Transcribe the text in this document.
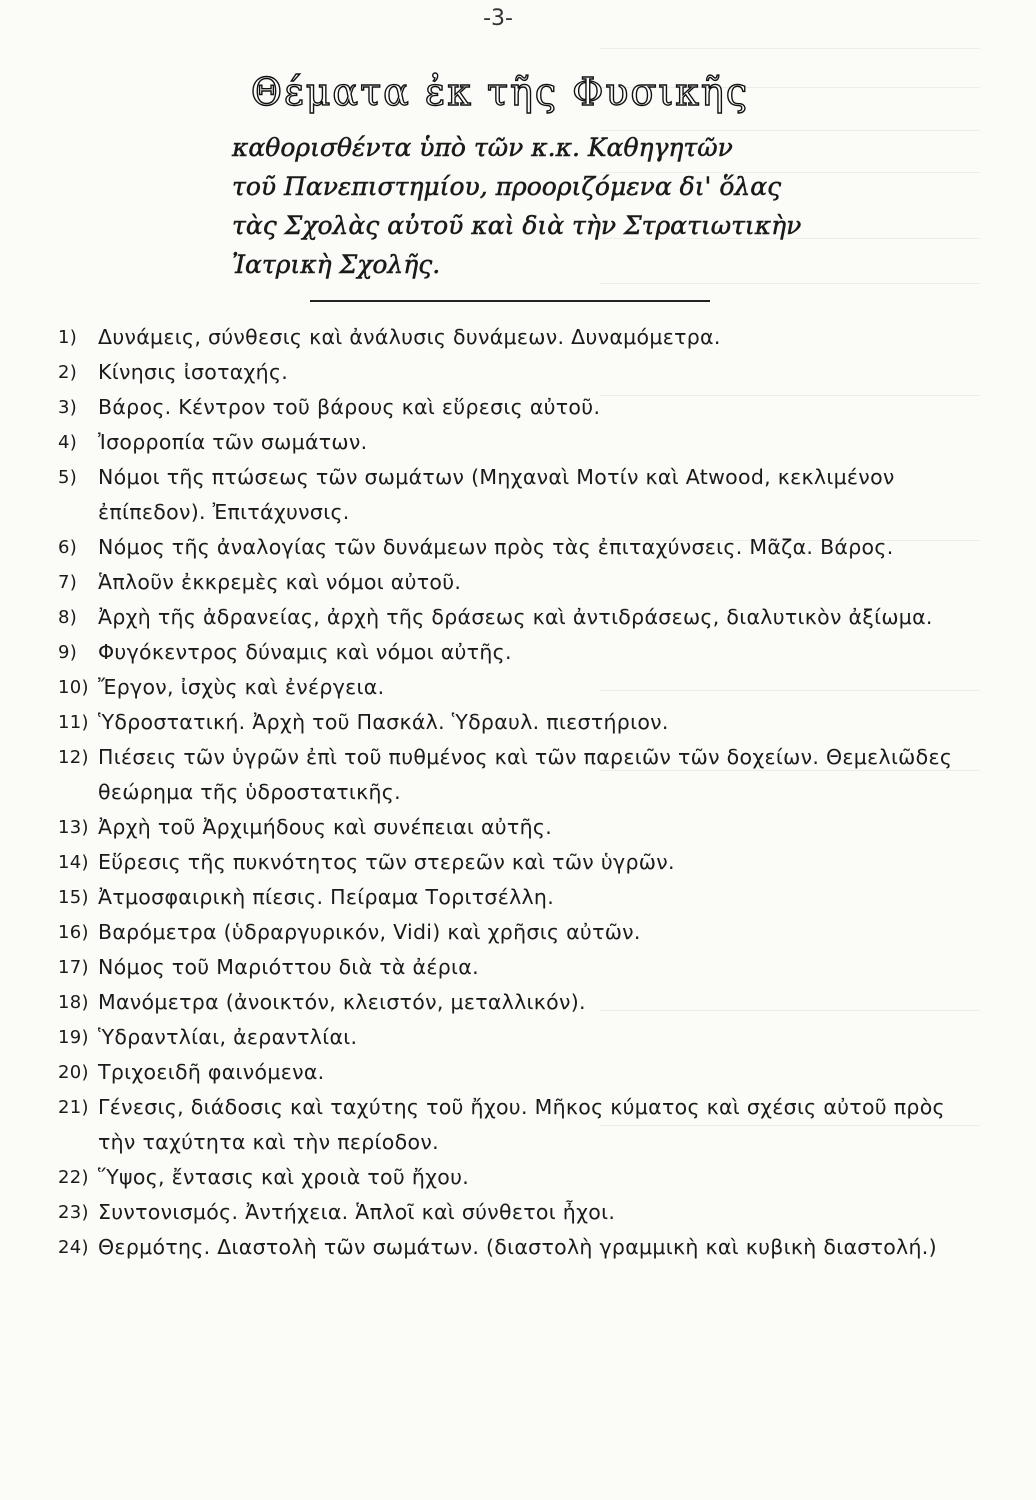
-3-
Θέματα ἐκ τῆς Φυσικῆς
καθορισθέντα ὑπὸ τῶν κ.κ. Καθηγητῶν
τοῦ Πανεπιστημίου, προοριζόμενα δι' ὅλας
τὰς Σχολὰς αὐτοῦ καὶ διὰ τὴν Στρατιωτικὴν
Ἰατρικὴ Σχολῆς.
1)	Δυνάμεις, σύνθεσις καὶ ἀνάλυσις δυνάμεων. Δυναμόμετρα.
2)	Κίνησις ἰσοταχής.
3)	Βάρος. Κέντρον τοῦ βάρους καὶ εὕρεσις αὐτοῦ.
4)	Ἰσορροπία τῶν σωμάτων.
5)	Νόμοι τῆς πτώσεως τῶν σωμάτων (Μηχαναὶ Μοτίν καὶ Atwood, κεκλιμένον ἐπίπεδον). Ἐπιτάχυνσις.
6)	Νόμος τῆς ἀναλογίας τῶν δυνάμεων πρὸς τὰς ἐπιταχύνσεις. Μᾶζα. Βάρος.
7)	Ἁπλοῦν ἐκκρεμὲς καὶ νόμοι αὐτοῦ.
8)	Ἀρχὴ τῆς ἀδρανείας, ἀρχὴ τῆς δράσεως καὶ ἀντιδράσεως, διαλυτικὸν ἀξίωμα.
9)	Φυγόκεντρος δύναμις καὶ νόμοι αὐτῆς.
10) Ἔργον, ἰσχὺς καὶ ἐνέργεια.
11) Ὑδροστατική. Ἀρχὴ τοῦ Πασκάλ. Ὑδραυλ. πιεστήριον.
12) Πιέσεις τῶν ὑγρῶν ἐπὶ τοῦ πυθμένος καὶ τῶν παρειῶν τῶν δοχείων. Θεμελιῶδες θεώρημα τῆς ὑδροστατικῆς.
13) Ἀρχὴ τοῦ Ἀρχιμήδους καὶ συνέπειαι αὐτῆς.
14) Εὕρεσις τῆς πυκνότητος τῶν στερεῶν καὶ τῶν ὑγρῶν.
15) Ἀτμοσφαιρικὴ πίεσις. Πείραμα Τοριτσέλλη.
16) Βαρόμετρα (ὑδραργυρικόν, Vidi) καὶ χρῆσις αὐτῶν.
17) Νόμος τοῦ Μαριόττου διὰ τὰ ἀέρια.
18) Μανόμετρα (ἀνοικτόν, κλειστόν, μεταλλικόν).
19) Ὑδραντλίαι, ἀεραντλίαι.
20) Τριχοειδῆ φαινόμενα.
21) Γένεσις, διάδοσις καὶ ταχύτης τοῦ ἤχου. Μῆκος κύματος καὶ σχέσις αὐτοῦ πρὸς τὴν ταχύτητα καὶ τὴν περίοδον.
22) Ὕψος, ἔντασις καὶ χροιὰ τοῦ ἤχου.
23) Συντονισμός. Ἀντήχεια. Ἁπλοῖ καὶ σύνθετοι ἦχοι.
24) Θερμότης. Διαστολὴ τῶν σωμάτων. (διαστολὴ γραμμικὴ καὶ κυβικὴ διαστολή.)
